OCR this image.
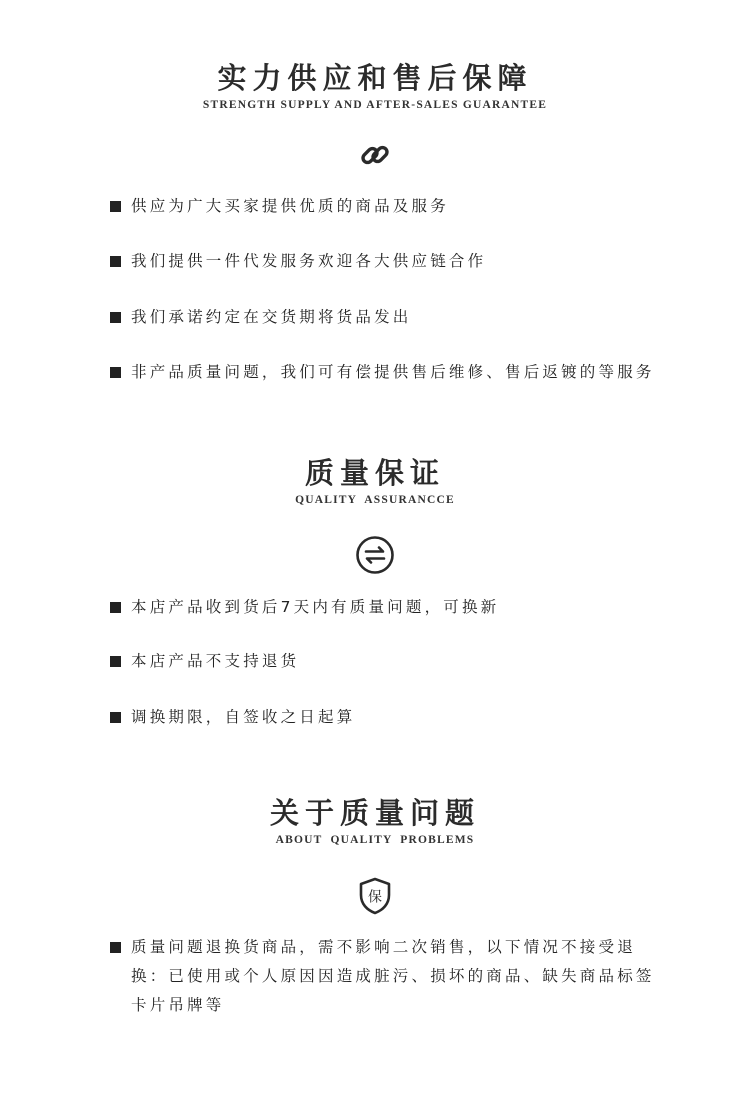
实力供应和售后保障
STRENGTH SUPPLY AND AFTER-SALES GUARANTEE
供应为广大买家提供优质的商品及服务
我们提供一件代发服务欢迎各大供应链合作
我们承诺约定在交货期将货品发出
非产品质量问题，我们可有偿提供售后维修、售后返镀的等服务
质量保证
QUALITY  ASSURANCCE
本店产品收到货后7天内有质量问题，可换新
本店产品不支持退货
调换期限，自签收之日起算
关于质量问题
ABOUT  QUALITY  PROBLEMS
保
质量问题退换货商品，需不影响二次销售，以下情况不接受退换：已使用或个人原因因造成脏污、损坏的商品、缺失商品标签卡片吊牌等
